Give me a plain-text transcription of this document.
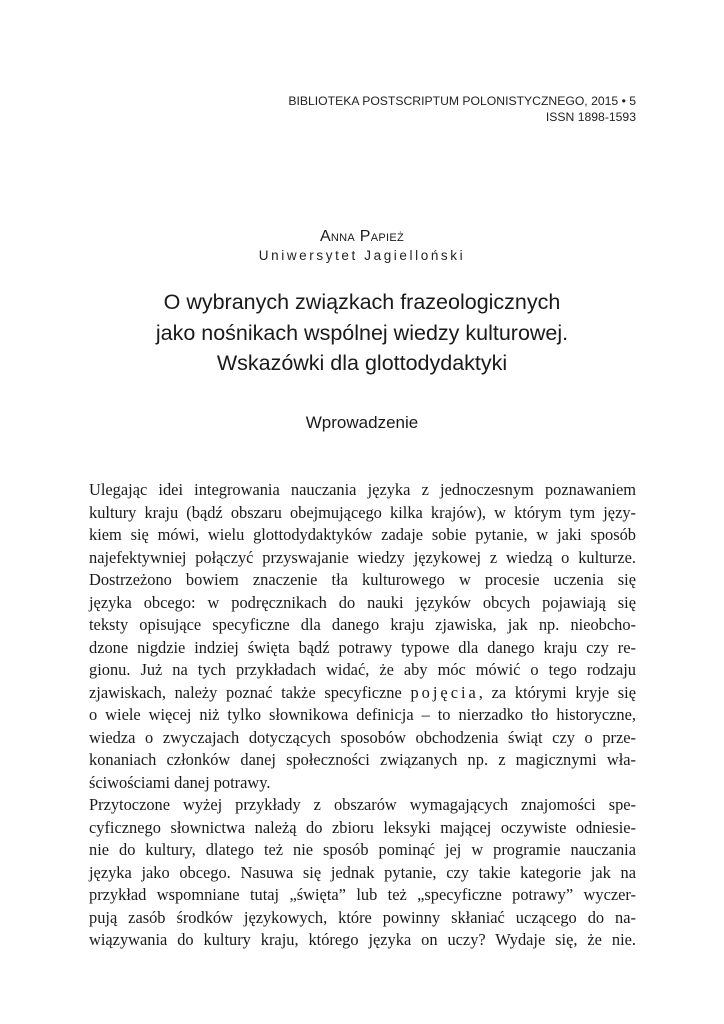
BIBLIOTEKA POSTSCRIPTUM POLONISTYCZNEGO, 2015 • 5
ISSN 1898-1593
Anna Papież
Uniwersytet Jagielloński
O wybranych związkach frazeologicznych
jako nośnikach wspólnej wiedzy kulturowej.
Wskazówki dla glottodydaktyki
Wprowadzenie
Ulegając idei integrowania nauczania języka z jednoczesnym poznawaniem
kultury kraju (bądź obszaru obejmującego kilka krajów), w którym tym języ-
kiem się mówi, wielu glottodydaktyków zadaje sobie pytanie, w jaki sposób
najefektywniej połączyć przyswajanie wiedzy językowej z wiedzą o kulturze.
Dostrzeżono bowiem znaczenie tła kulturowego w procesie uczenia się
języka obcego: w podręcznikach do nauki języków obcych pojawiają się
teksty opisujące specyficzne dla danego kraju zjawiska, jak np. nieobcho-
dzone nigdzie indziej święta bądź potrawy typowe dla danego kraju czy re-
gionu. Już na tych przykładach widać, że aby móc mówić o tego rodzaju
zjawiskach, należy poznać także specyficzne pojęcia, za którymi kryje się
o wiele więcej niż tylko słownikowa definicja – to nierzadko tło historyczne,
wiedza o zwyczajach dotyczących sposobów obchodzenia świąt czy o prze-
konaniach członków danej społeczności związanych np. z magicznymi wła-
ściwościami danej potrawy.
Przytoczone wyżej przykłady z obszarów wymagających znajomości spe-
cyficznego słownictwa należą do zbioru leksyki mającej oczywiste odniesie-
nie do kultury, dlatego też nie sposób pominąć jej w programie nauczania
języka jako obcego. Nasuwa się jednak pytanie, czy takie kategorie jak na
przykład wspomniane tutaj „święta” lub też „specyficzne potrawy” wyczer-
pują zasób środków językowych, które powinny skłaniać uczącego do na-
wiązywania do kultury kraju, którego języka on uczy? Wydaje się, że nie.
